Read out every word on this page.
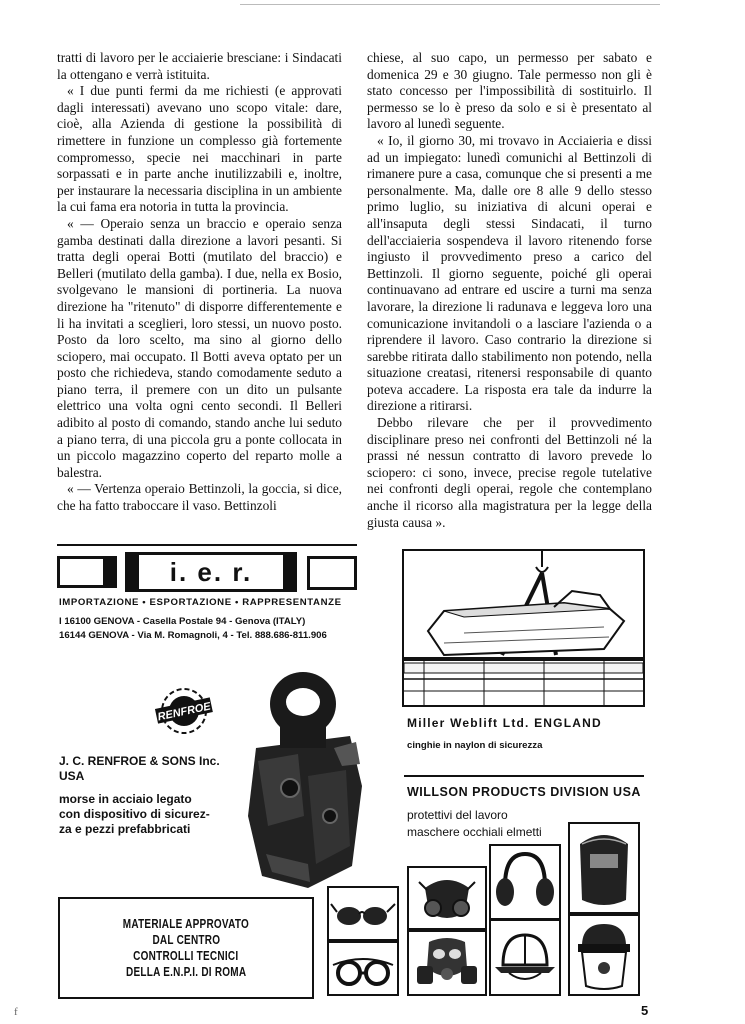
tratti di lavoro per le acciaierie bresciane: i Sindacati la ottengano e verrà istituita.

« I due punti fermi da me richiesti (e approvati dagli interessati) avevano uno scopo vitale: dare, cioè, alla Azienda di gestione la possibilità di rimettere in funzione un complesso già fortemente compromesso, specie nei macchinari in parte sorpassati e in parte anche inutilizzabili e, inoltre, per instaurare la necessaria disciplina in un ambiente la cui fama era notoria in tutta la provincia.

« — Operaio senza un braccio e operaio senza gamba destinati dalla direzione a lavori pesanti. Si tratta degli operai Botti (mutilato del braccio) e Belleri (mutilato della gamba). I due, nella ex Bosio, svolgevano le mansioni di portineria. La nuova direzione ha "ritenuto" di disporre differentemente e li ha invitati a sceglieri, loro stessi, un nuovo posto. Posto da loro scelto, ma sino al giorno dello sciopero, mai occupato. Il Botti aveva optato per un posto che richiedeva, stando comodamente seduto a piano terra, il premere con un dito un pulsante elettrico una volta ogni cento secondi. Il Belleri adibito al posto di comando, stando anche lui seduto a piano terra, di una piccola gru a ponte collocata in un piccolo magazzino coperto del reparto molle a balestra.

« — Vertenza operaio Bettinzoli, la goccia, si dice, che ha fatto traboccare il vaso. Bettinzoli

chiese, al suo capo, un permesso per sabato e domenica 29 e 30 giugno. Tale permesso non gli è stato concesso per l'impossibilità di sostituirlo. Il permesso se lo è preso da solo e si è presentato al lavoro al lunedì seguente.

« Io, il giorno 30, mi trovavo in Acciaieria e dissi ad un impiegato: lunedì comunichi al Bettinzoli di rimanere pure a casa, comunque che si presenti a me personalmente. Ma, dalle ore 8 alle 9 dello stesso primo luglio, su iniziativa di alcuni operai e all'insaputa degli stessi Sindacati, il turno dell'acciaieria sospendeva il lavoro ritenendo forse ingiusto il provvedimento preso a carico del Bettinzoli. Il giorno seguente, poiché gli operai continuavano ad entrare ed uscire a turni ma senza lavorare, la direzione li radunava e leggeva loro una comunicazione invitandoli o a lasciare l'azienda o a riprendere il lavoro. Caso contrario la direzione si sarebbe ritirata dallo stabilimento non potendo, nella situazione creatasi, ritenersi responsabile di quanto poteva accadere. La risposta era tale da indurre la direzione a ritirarsi.

Debbo rilevare che per il provvedimento disciplinare preso nei confronti del Bettinzoli né la prassi né nessun contratto di lavoro prevede lo sciopero: ci sono, invece, precise regole tutelative nei confronti degli operai, regole che contemplano anche il ricorso alla magistratura per la legge della giusta causa ».

i. e. r.
IMPORTAZIONE • ESPORTAZIONE • RAPPRESENTANZE
I 16100 GENOVA - Casella Postale 94 - Genova (ITALY)
16144 GENOVA - Via M. Romagnoli, 4 - Tel. 888.686-811.906
RENFROE
J. C. RENFROE & SONS Inc.
USA
morse in acciaio legato
con dispositivo di sicurez-
za e pezzi prefabbricati
MATERIALE APPROVATO
DAL CENTRO
CONTROLLI TECNICI
DELLA E.N.P.I. DI ROMA
Miller Weblift Ltd. ENGLAND
cinghie in naylon di sicurezza
WILLSON PRODUCTS DIVISION USA
protettivi del lavoro
maschere occhiali elmetti
5
f
